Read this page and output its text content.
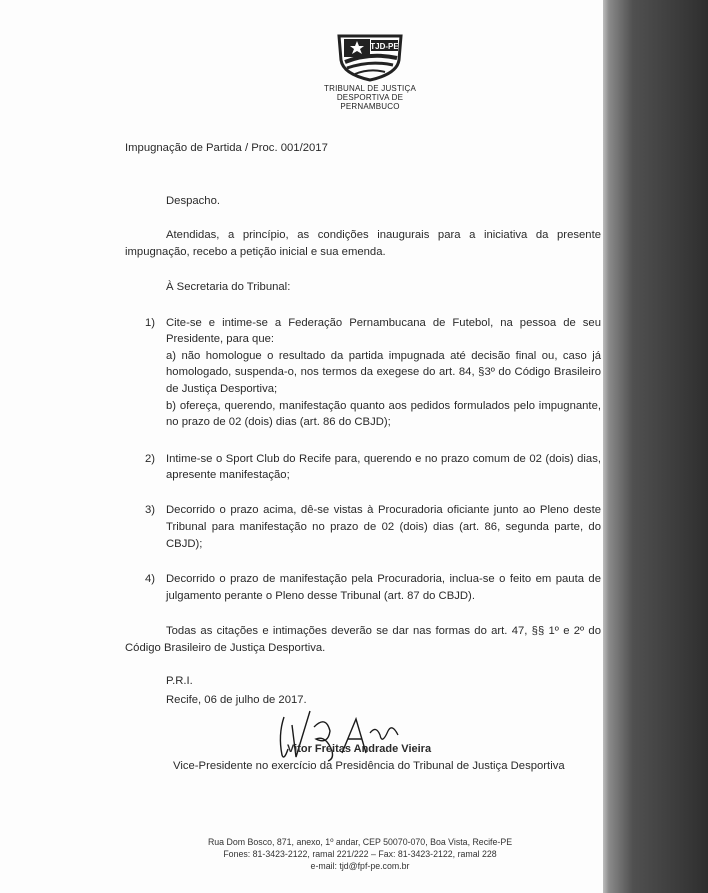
TJD-PE
TRIBUNAL DE JUSTIÇA
DESPORTIVA DE PERNAMBUCO

Impugnação de Partida / Proc. 001/2017

Despacho.

Atendidas, a princípio, as condições inaugurais para a iniciativa da presente

impugnação, recebo a petição inicial e sua emenda.

À Secretaria do Tribunal:

1) Cite-se e intime-se a Federação Pernambucana de Futebol, na pessoa de seu

Presidente, para que:

a) não homologue o resultado da partida impugnada até decisão final ou, caso já

homologado, suspenda-o, nos termos da exegese do art. 84, §3º do Código Brasileiro

de Justiça Desportiva;

b) ofereça, querendo, manifestação quanto aos pedidos formulados pelo impugnante,

no prazo de 02 (dois) dias (art. 86 do CBJD);

2) Intime-se o Sport Club do Recife para, querendo e no prazo comum de 02 (dois) dias,

apresente manifestação;

3) Decorrido o prazo acima, dê-se vistas à Procuradoria oficiante junto ao Pleno deste

Tribunal para manifestação no prazo de 02 (dois) dias (art. 86, segunda parte, do

CBJD);

4) Decorrido o prazo de manifestação pela Procuradoria, inclua-se o feito em pauta de

julgamento perante o Pleno desse Tribunal (art. 87 do CBJD).

Todas as citações e intimações deverão se dar nas formas do art. 47, §§ 1º e 2º do

Código Brasileiro de Justiça Desportiva.

P.R.I.

Recife, 06 de julho de 2017.

Vitor Freitas Andrade Vieira

Vice-Presidente no exercício da Presidência do Tribunal de Justiça Desportiva

Rua Dom Bosco, 871, anexo, 1º andar, CEP 50070-070, Boa Vista, Recife-PE
Fones: 81-3423-2122, ramal 221/222 – Fax: 81-3423-2122, ramal 228
e-mail: tjd@fpf-pe.com.br
